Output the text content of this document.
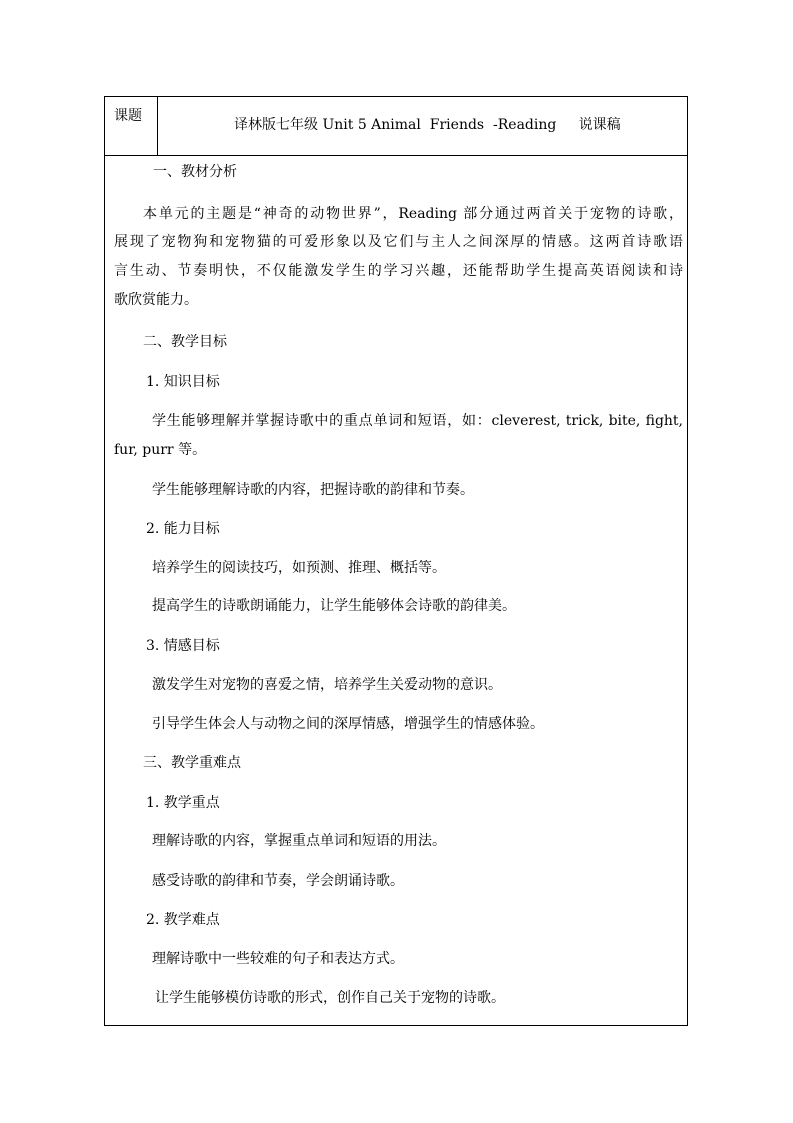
课题
译林版七年级 Unit 5 Animal  Friends  -Reading     说课稿
一、教材分析
本单元的主题是“神奇的动物世界”，Reading 部分通过两首关于宠物的诗歌，
展现了宠物狗和宠物猫的可爱形象以及它们与主人之间深厚的情感。这两首诗歌语
言生动、节奏明快，不仅能激发学生的学习兴趣，还能帮助学生提高英语阅读和诗
歌欣赏能力。
二、教学目标
1. 知识目标
学生能够理解并掌握诗歌中的重点单词和短语，如：cleverest, trick, bite, fight,
fur, purr 等。
学生能够理解诗歌的内容，把握诗歌的韵律和节奏。
2. 能力目标
培养学生的阅读技巧，如预测、推理、概括等。
提高学生的诗歌朗诵能力，让学生能够体会诗歌的韵律美。
3. 情感目标
激发学生对宠物的喜爱之情，培养学生关爱动物的意识。
引导学生体会人与动物之间的深厚情感，增强学生的情感体验。
三、教学重难点
1. 教学重点
理解诗歌的内容，掌握重点单词和短语的用法。
感受诗歌的韵律和节奏，学会朗诵诗歌。
2. 教学难点
理解诗歌中一些较难的句子和表达方式。
让学生能够模仿诗歌的形式，创作自己关于宠物的诗歌。
